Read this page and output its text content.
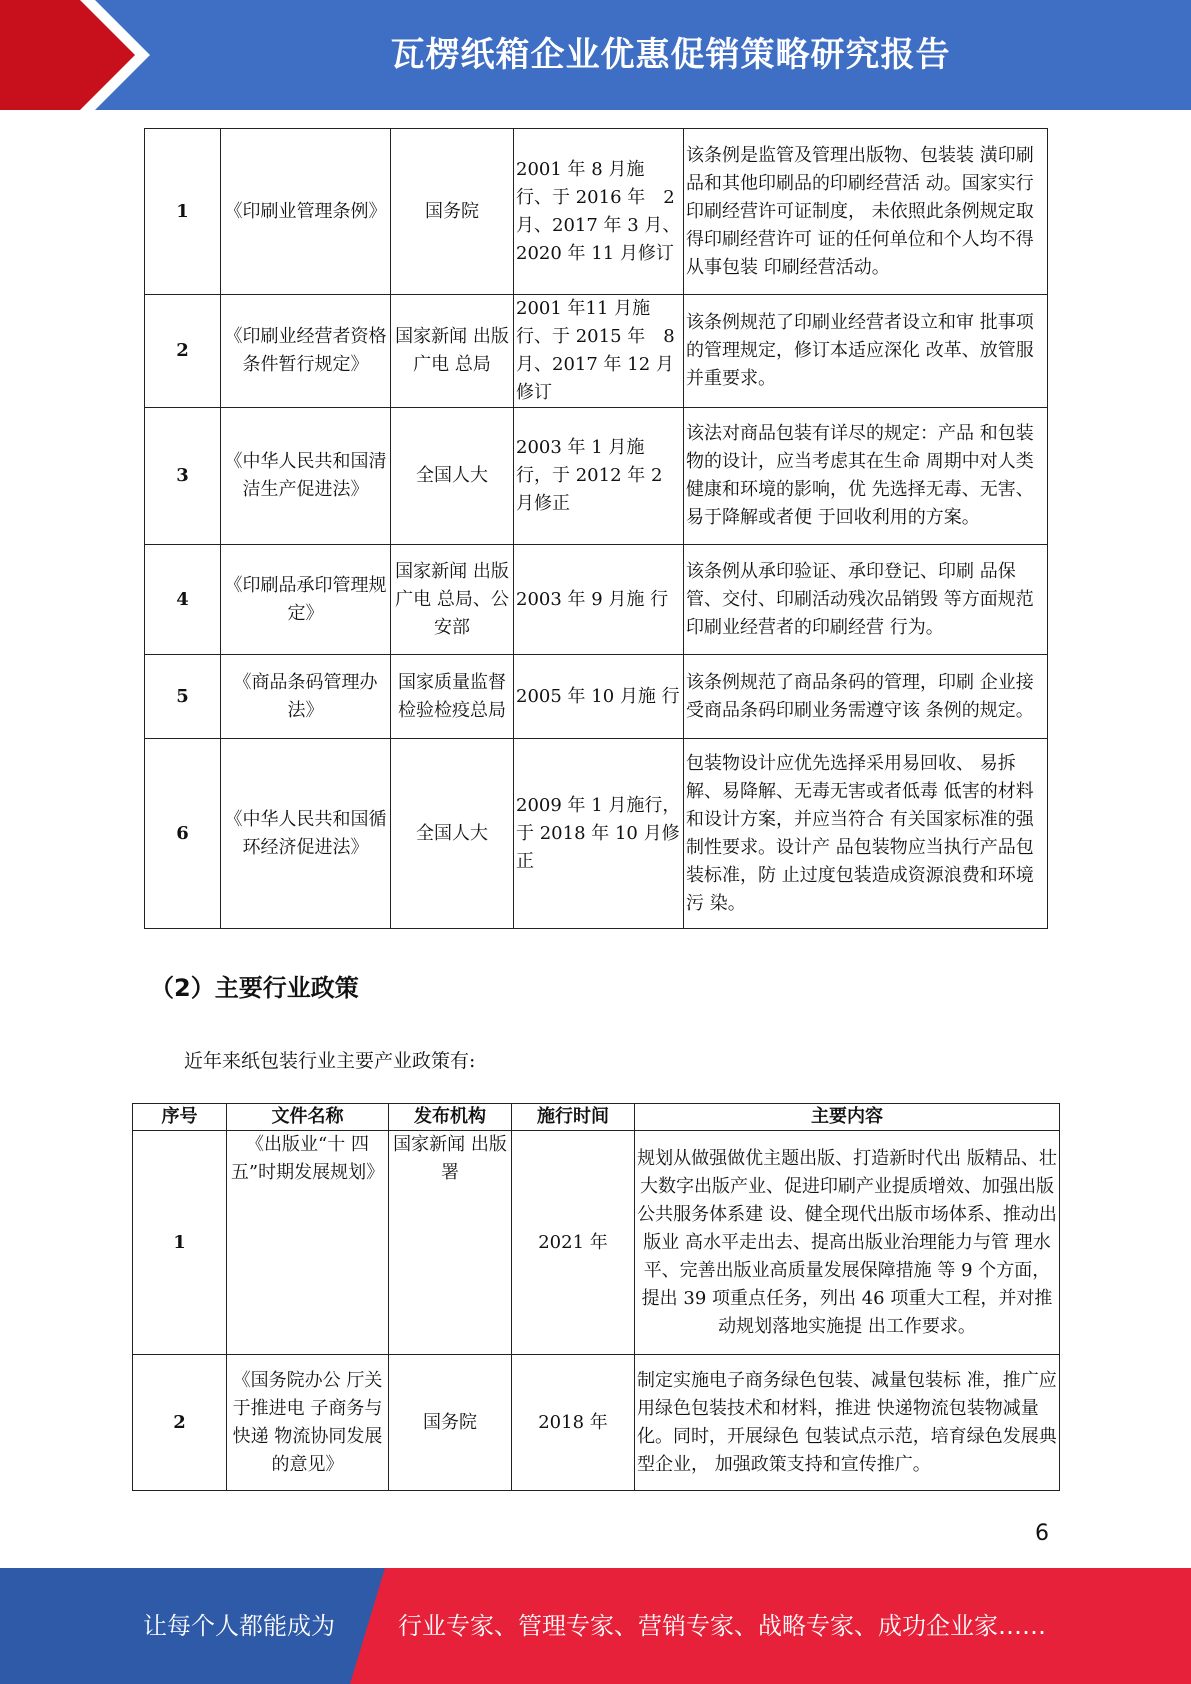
瓦楞纸箱企业优惠促销策略研究报告
1	《印刷业管理条例》	国务院	2001 年 8 月施 行、于 2016 年　2 月、2017 年 3 月、2020 年 11 月修订	该条例是监管及管理出版物、包装装 潢印刷品和其他印刷品的印刷经营活 动。国家实行印刷经营许可证制度， 未依照此条例规定取得印刷经营许可 证的任何单位和个人均不得从事包装 印刷经营活动。
2	《印刷业经营者资格条件暂行规定》	国家新闻 出版广电 总局	2001 年11 月施 行、于 2015 年　8 月、2017 年 12 月修订	该条例规范了印刷业经营者设立和审 批事项的管理规定，修订本适应深化 改革、放管服并重要求。
3	《中华人民共和国清洁生产促进法》	全国人大	2003 年 1 月施 行，于 2012 年 2 月修正	该法对商品包装有详尽的规定：产品 和包装物的设计，应当考虑其在生命 周期中对人类健康和环境的影响，优 先选择无毒、无害、易于降解或者便 于回收利用的方案。
4	《印刷品承印管理规定》	国家新闻 出版广电 总局、公 安部	2003 年 9 月施 行	该条例从承印验证、承印登记、印刷 品保管、交付、印刷活动残次品销毁 等方面规范印刷业经营者的印刷经营 行为。
5	《商品条码管理办法》	国家质量监督检验检疫总局	2005 年 10 月施 行	该条例规范了商品条码的管理，印刷 企业接受商品条码印刷业务需遵守该 条例的规定。
6	《中华人民共和国循环经济促进法》	全国人大	2009 年 1 月施行，于 2018 年 10 月修正	包装物设计应优先选择采用易回收、 易拆解、易降解、无毒无害或者低毒 低害的材料和设计方案，并应当符合 有关国家标准的强制性要求。设计产 品包装物应当执行产品包装标准，防 止过度包装造成资源浪费和环境污 染。
（2）主要行业政策
近年来纸包装行业主要产业政策有:
序号	文件名称	发布机构	施行时间	主要内容
1	《出版业“十 四五”时期发展规划》	国家新闻 出版署	2021 年	规划从做强做优主题出版、打造新时代出 版精品、壮大数字出版产业、促进印刷产业提质增效、加强出版公共服务体系建 设、健全现代出版市场体系、推动出版业 高水平走出去、提高出版业治理能力与管 理水平、完善出版业高质量发展保障措施 等 9 个方面，提出 39 项重点任务，列出 46 项重大工程，并对推动规划落地实施提 出工作要求。
2	《国务院办公 厅关于推进电 子商务与快递 物流协同发展 的意见》	国务院	2018 年	制定实施电子商务绿色包装、减量包装标 准，推广应用绿色包装技术和材料，推进 快递物流包装物减量化。同时，开展绿色 包装试点示范，培育绿色发展典型企业， 加强政策支持和宣传推广。
6
让每个人都能成为	行业专家、管理专家、营销专家、战略专家、成功企业家……
